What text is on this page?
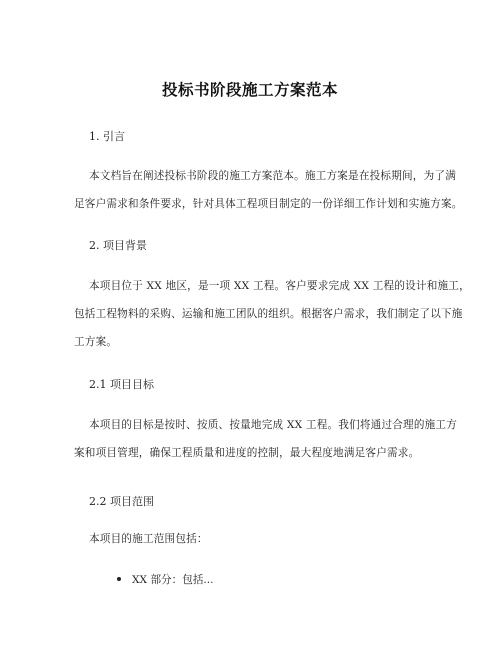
投标书阶段施工方案范本
1. 引言
本文档旨在阐述投标书阶段的施工方案范本。施工方案是在投标期间，为了满
足客户需求和条件要求，针对具体工程项目制定的一份详细工作计划和实施方案。
2. 项目背景
本项目位于 XX 地区，是一项 XX 工程。客户要求完成 XX 工程的设计和施工，
包括工程物料的采购、运输和施工团队的组织。根据客户需求，我们制定了以下施
工方案。
2.1 项目目标
本项目的目标是按时、按质、按量地完成 XX 工程。我们将通过合理的施工方
案和项目管理，确保工程质量和进度的控制，最大程度地满足客户需求。
2.2 项目范围
本项目的施工范围包括：
XX 部分：包括...
